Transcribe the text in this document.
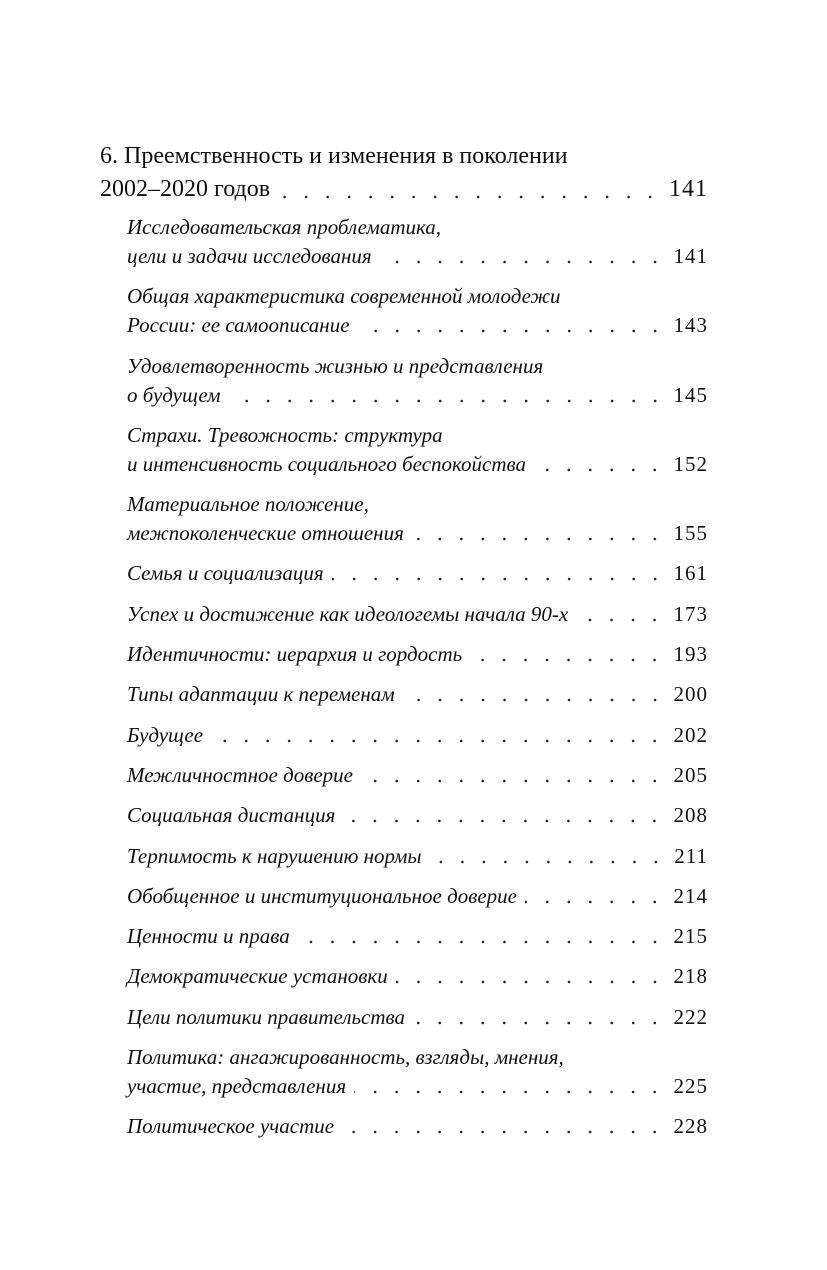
6. Преемственность и изменения в поколении
2002–2020 годов	141
Исследовательская проблематика,
цели и задачи исследования	141
Общая характеристика современной молодежи
России: ее самоописание	143
Удовлетворенность жизнью и представления
о будущем	145
Страхи. Тревожность: структура
и интенсивность социального беспокойства	152
Материальное положение,
межпоколенческие отношения	155
Семья и социализация	161
Успех и достижение как идеологемы начала 90-х	173
Идентичности: иерархия и гордость	193
Типы адаптации к переменам	200
Будущее	202
Межличностное доверие	205
Социальная дистанция	208
Терпимость к нарушению нормы	211
Обобщенное и институциональное доверие	214
Ценности и права	215
Демократические установки	218
Цели политики правительства	222
Политика: ангажированность, взгляды, мнения,
участие, представления	225
Политическое участие	228
